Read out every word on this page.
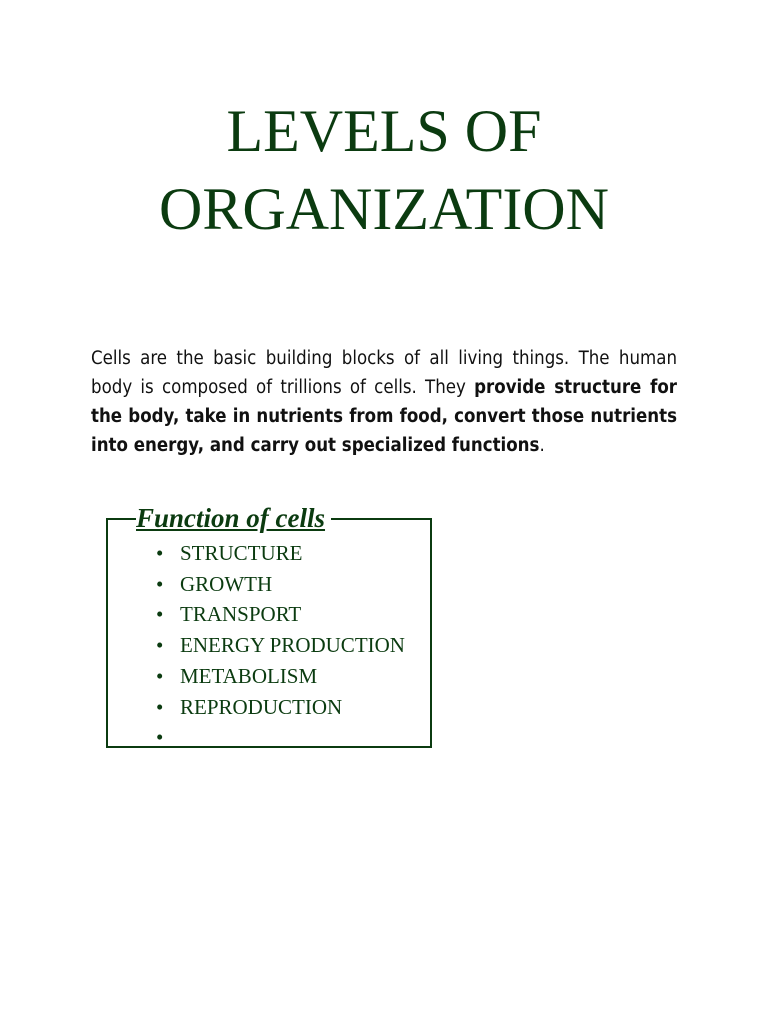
LEVELS OF
ORGANIZATION

Cells are the basic building blocks of all living things. The human body is composed of trillions of cells. They provide structure for the body, take in nutrients from food, convert those nutrients into energy, and carry out specialized functions.

Function of cells
• STRUCTURE
• GROWTH
• TRANSPORT
• ENERGY PRODUCTION
• METABOLISM
• REPRODUCTION
•
